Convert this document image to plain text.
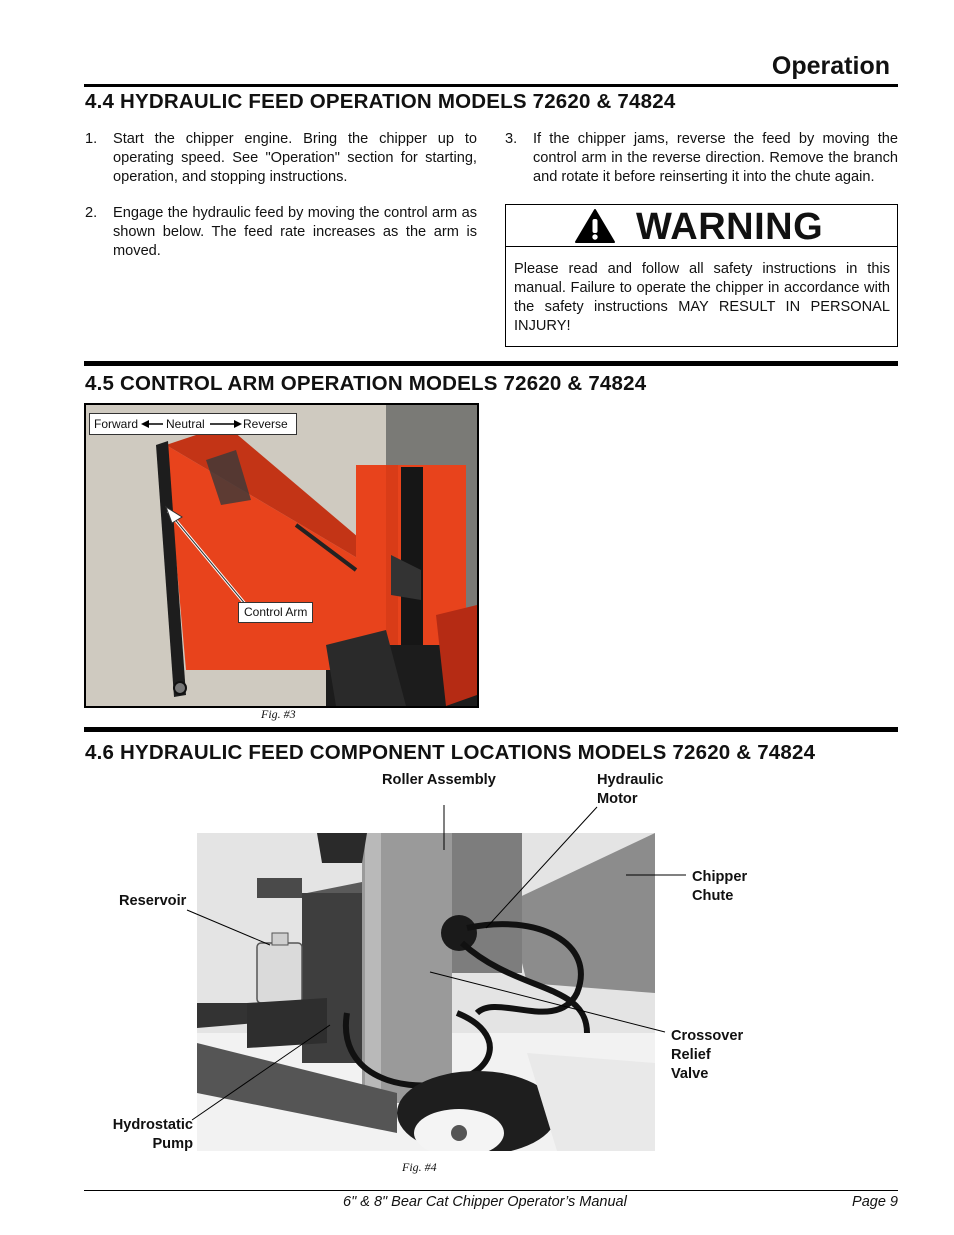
Operation
4.4 HYDRAULIC FEED OPERATION MODELS 72620 & 74824
1. Start the chipper engine. Bring the chipper up to operating speed. See "Operation" section for starting, operation, and stopping instructions.
2. Engage the hydraulic feed by moving the control arm as shown below. The feed rate increases as the arm is moved.
3. If the chipper jams, reverse the feed by moving the control arm in the reverse direction. Remove the branch and rotate it before reinserting it into the chute again.
WARNING
Please read and follow all safety instructions in this manual. Failure to operate the chipper in accordance with the safety instructions MAY RESULT IN PERSONAL INJURY!
4.5 CONTROL ARM OPERATION MODELS 72620 & 74824
Forward Neutral	Reverse
Control Arm
Fig. #3
4.6 HYDRAULIC FEED COMPONENT LOCATIONS MODELS 72620 & 74824
Roller Assembly	Hydraulic
Motor
Chipper
Chute
Reservoir
Crossover
Relief
Valve
Hydrostatic
Pump
Fig. #4
6" & 8" Bear Cat Chipper Operator’s Manual	Page 9
